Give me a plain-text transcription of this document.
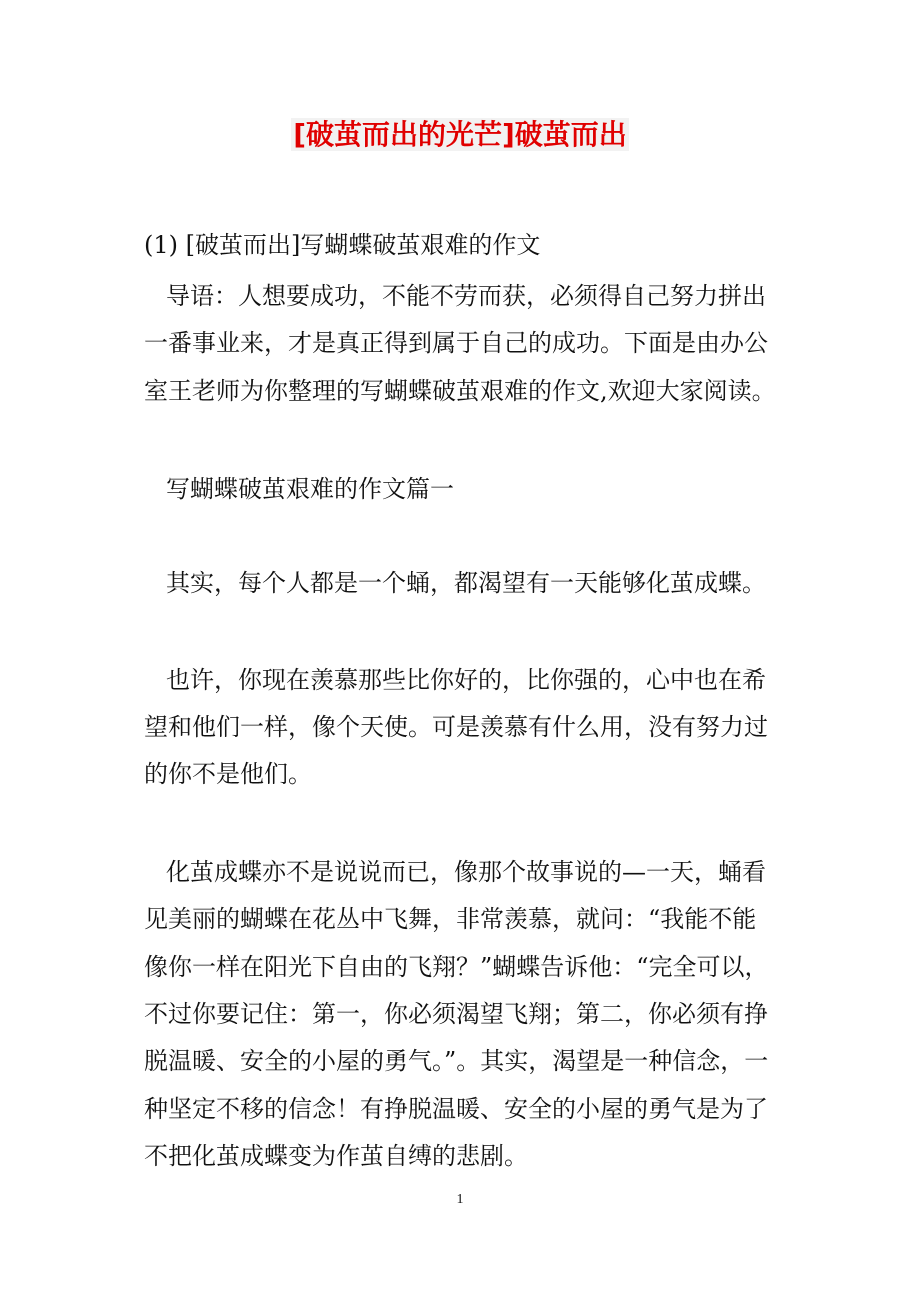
[破茧而出的光芒]破茧而出

(1) [破茧而出]写蝴蝶破茧艰难的作文

导语：人想要成功，不能不劳而获，必须得自己努力拼出

一番事业来，才是真正得到属于自己的成功。下面是由办公

室王老师为你整理的写蝴蝶破茧艰难的作文,欢迎大家阅读。

写蝴蝶破茧艰难的作文篇一

其实，每个人都是一个蛹，都渴望有一天能够化茧成蝶。

也许，你现在羡慕那些比你好的，比你强的，心中也在希

望和他们一样，像个天使。可是羡慕有什么用，没有努力过

的你不是他们。

化茧成蝶亦不是说说而已，像那个故事说的—一天，蛹看

见美丽的蝴蝶在花丛中飞舞，非常羡慕，就问：“我能不能

像你一样在阳光下自由的飞翔？”蝴蝶告诉他：“完全可以，

不过你要记住：第一，你必须渴望飞翔；第二，你必须有挣

脱温暖、安全的小屋的勇气。”。其实，渴望是一种信念，一

种坚定不移的信念！有挣脱温暖、安全的小屋的勇气是为了

不把化茧成蝶变为作茧自缚的悲剧。

1
